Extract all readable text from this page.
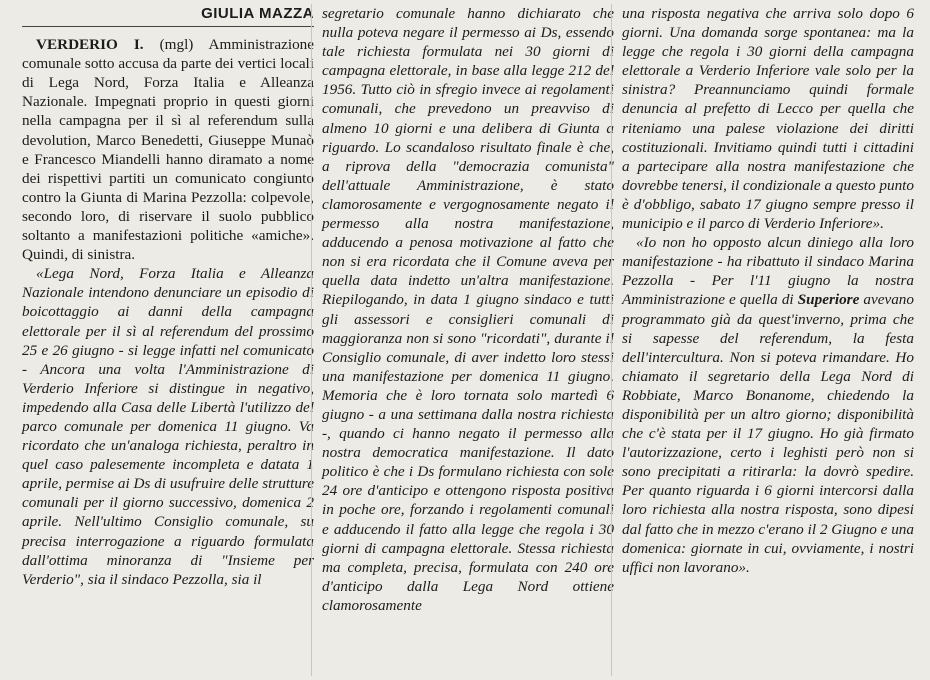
GIULIA MAZZA

VERDERIO I. (mgl) Amministrazione comunale sotto accusa da parte dei vertici locali di Lega Nord, Forza Italia e Alleanza Nazionale. Impegnati proprio in questi giorni nella campagna per il sì al referendum sulla devolution, Marco Benedetti, Giuseppe Munaò e Francesco Miandelli hanno diramato a nome dei rispettivi partiti un comunicato congiunto contro la Giunta di Marina Pezzolla: colpevole, secondo loro, di riservare il suolo pubblico soltanto a manifestazioni politiche «amiche». Quindi, di sinistra.

«Lega Nord, Forza Italia e Alleanza Nazionale intendono denunciare un episodio di boicottaggio ai danni della campagna elettorale per il sì al referendum del prossimo 25 e 26 giugno - si legge infatti nel comunicato - Ancora una volta l'Amministrazione di Verderio Inferiore si distingue in negativo, impedendo alla Casa delle Libertà l'utilizzo del parco comunale per domenica 11 giugno. Va ricordato che un'analoga richiesta, peraltro in quel caso palesemente incompleta e datata 1 aprile, permise ai Ds di usufruire delle strutture comunali per il giorno successivo, domenica 2 aprile. Nell'ultimo Consiglio comunale, su precisa interrogazione a riguardo formulata dall'ottima minoranza di "Insieme per Verderio", sia il sindaco Pezzolla, sia il

segretario comunale hanno dichiarato che nulla poteva negare il permesso ai Ds, essendo tale richiesta formulata nei 30 giorni di campagna elettorale, in base alla legge 212 del 1956. Tutto ciò in sfregio invece ai regolamenti comunali, che prevedono un preavviso di almeno 10 giorni e una delibera di Giunta a riguardo. Lo scandaloso risultato finale è che, a riprova della "democrazia comunista" dell'attuale Amministrazione, è stato clamorosamente e vergognosamente negato il permesso alla nostra manifestazione, adducendo a penosa motivazione al fatto che non si era ricordata che il Comune aveva per quella data indetto un'altra manifestazione. Riepilogando, in data 1 giugno sindaco e tutti gli assessori e consiglieri comunali di maggioranza non si sono "ricordati", durante il Consiglio comunale, di aver indetto loro stessi una manifestazione per domenica 11 giugno. Memoria che è loro tornata solo martedì 6 giugno - a una settimana dalla nostra richiesta -, quando ci hanno negato il permesso alla nostra democratica manifestazione. Il dato politico è che i Ds formulano richiesta con sole 24 ore d'anticipo e ottengono risposta positiva in poche ore, forzando i regolamenti comunali e adducendo il fatto alla legge che regola i 30 giorni di campagna elettorale. Stessa richiesta ma completa, precisa, formulata con 240 ore d'anticipo dalla Lega Nord ottiene clamorosamente

una risposta negativa che arriva solo dopo 6 giorni. Una domanda sorge spontanea: ma la legge che regola i 30 giorni della campagna elettorale a Verderio Inferiore vale solo per la sinistra? Preannunciamo quindi formale denuncia al prefetto di Lecco per quella che riteniamo una palese violazione dei diritti costituzionali. Invitiamo quindi tutti i cittadini a partecipare alla nostra manifestazione che dovrebbe tenersi, il condizionale a questo punto è d'obbligo, sabato 17 giugno sempre presso il municipio e il parco di Verderio Inferiore».

«Io non ho opposto alcun diniego alla loro manifestazione - ha ribattuto il sindaco Marina Pezzolla - Per l'11 giugno la nostra Amministrazione e quella di Superiore avevano programmato già da quest'inverno, prima che si sapesse del referendum, la festa dell'intercultura. Non si poteva rimandare. Ho chiamato il segretario della Lega Nord di Robbiate, Marco Bonanome, chiedendo la disponibilità per un altro giorno; disponibilità che c'è stata per il 17 giugno. Ho già firmato l'autorizzazione, certo i leghisti però non si sono precipitati a ritirarla: la dovrò spedire. Per quanto riguarda i 6 giorni intercorsi dalla loro richiesta alla nostra risposta, sono dipesi dal fatto che in mezzo c'erano il 2 Giugno e una domenica: giornate in cui, ovviamente, i nostri uffici non lavorano».
